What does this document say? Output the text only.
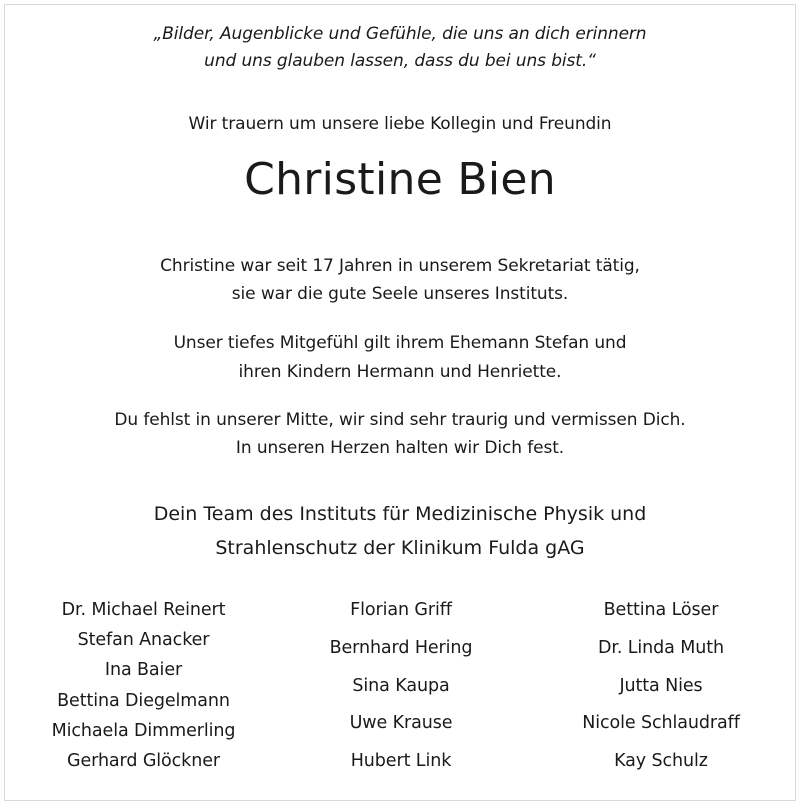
„Bilder, Augenblicke und Gefühle, die uns an dich erinnern
und uns glauben lassen, dass du bei uns bist.“
Wir trauern um unsere liebe Kollegin und Freundin
Christine Bien
Christine war seit 17 Jahren in unserem Sekretariat tätig,
sie war die gute Seele unseres Instituts.
Unser tiefes Mitgefühl gilt ihrem Ehemann Stefan und
ihren Kindern Hermann und Henriette.
Du fehlst in unserer Mitte, wir sind sehr traurig und vermissen Dich.
In unseren Herzen halten wir Dich fest.
Dein Team des Instituts für Medizinische Physik und
Strahlenschutz der Klinikum Fulda gAG
Dr. Michael Reinert
Stefan Anacker
Ina Baier
Bettina Diegelmann
Michaela Dimmerling
Gerhard Glöckner
Florian Griff
Bernhard Hering
Sina Kaupa
Uwe Krause
Hubert Link
Bettina Löser
Dr. Linda Muth
Jutta Nies
Nicole Schlaudraff
Kay Schulz
